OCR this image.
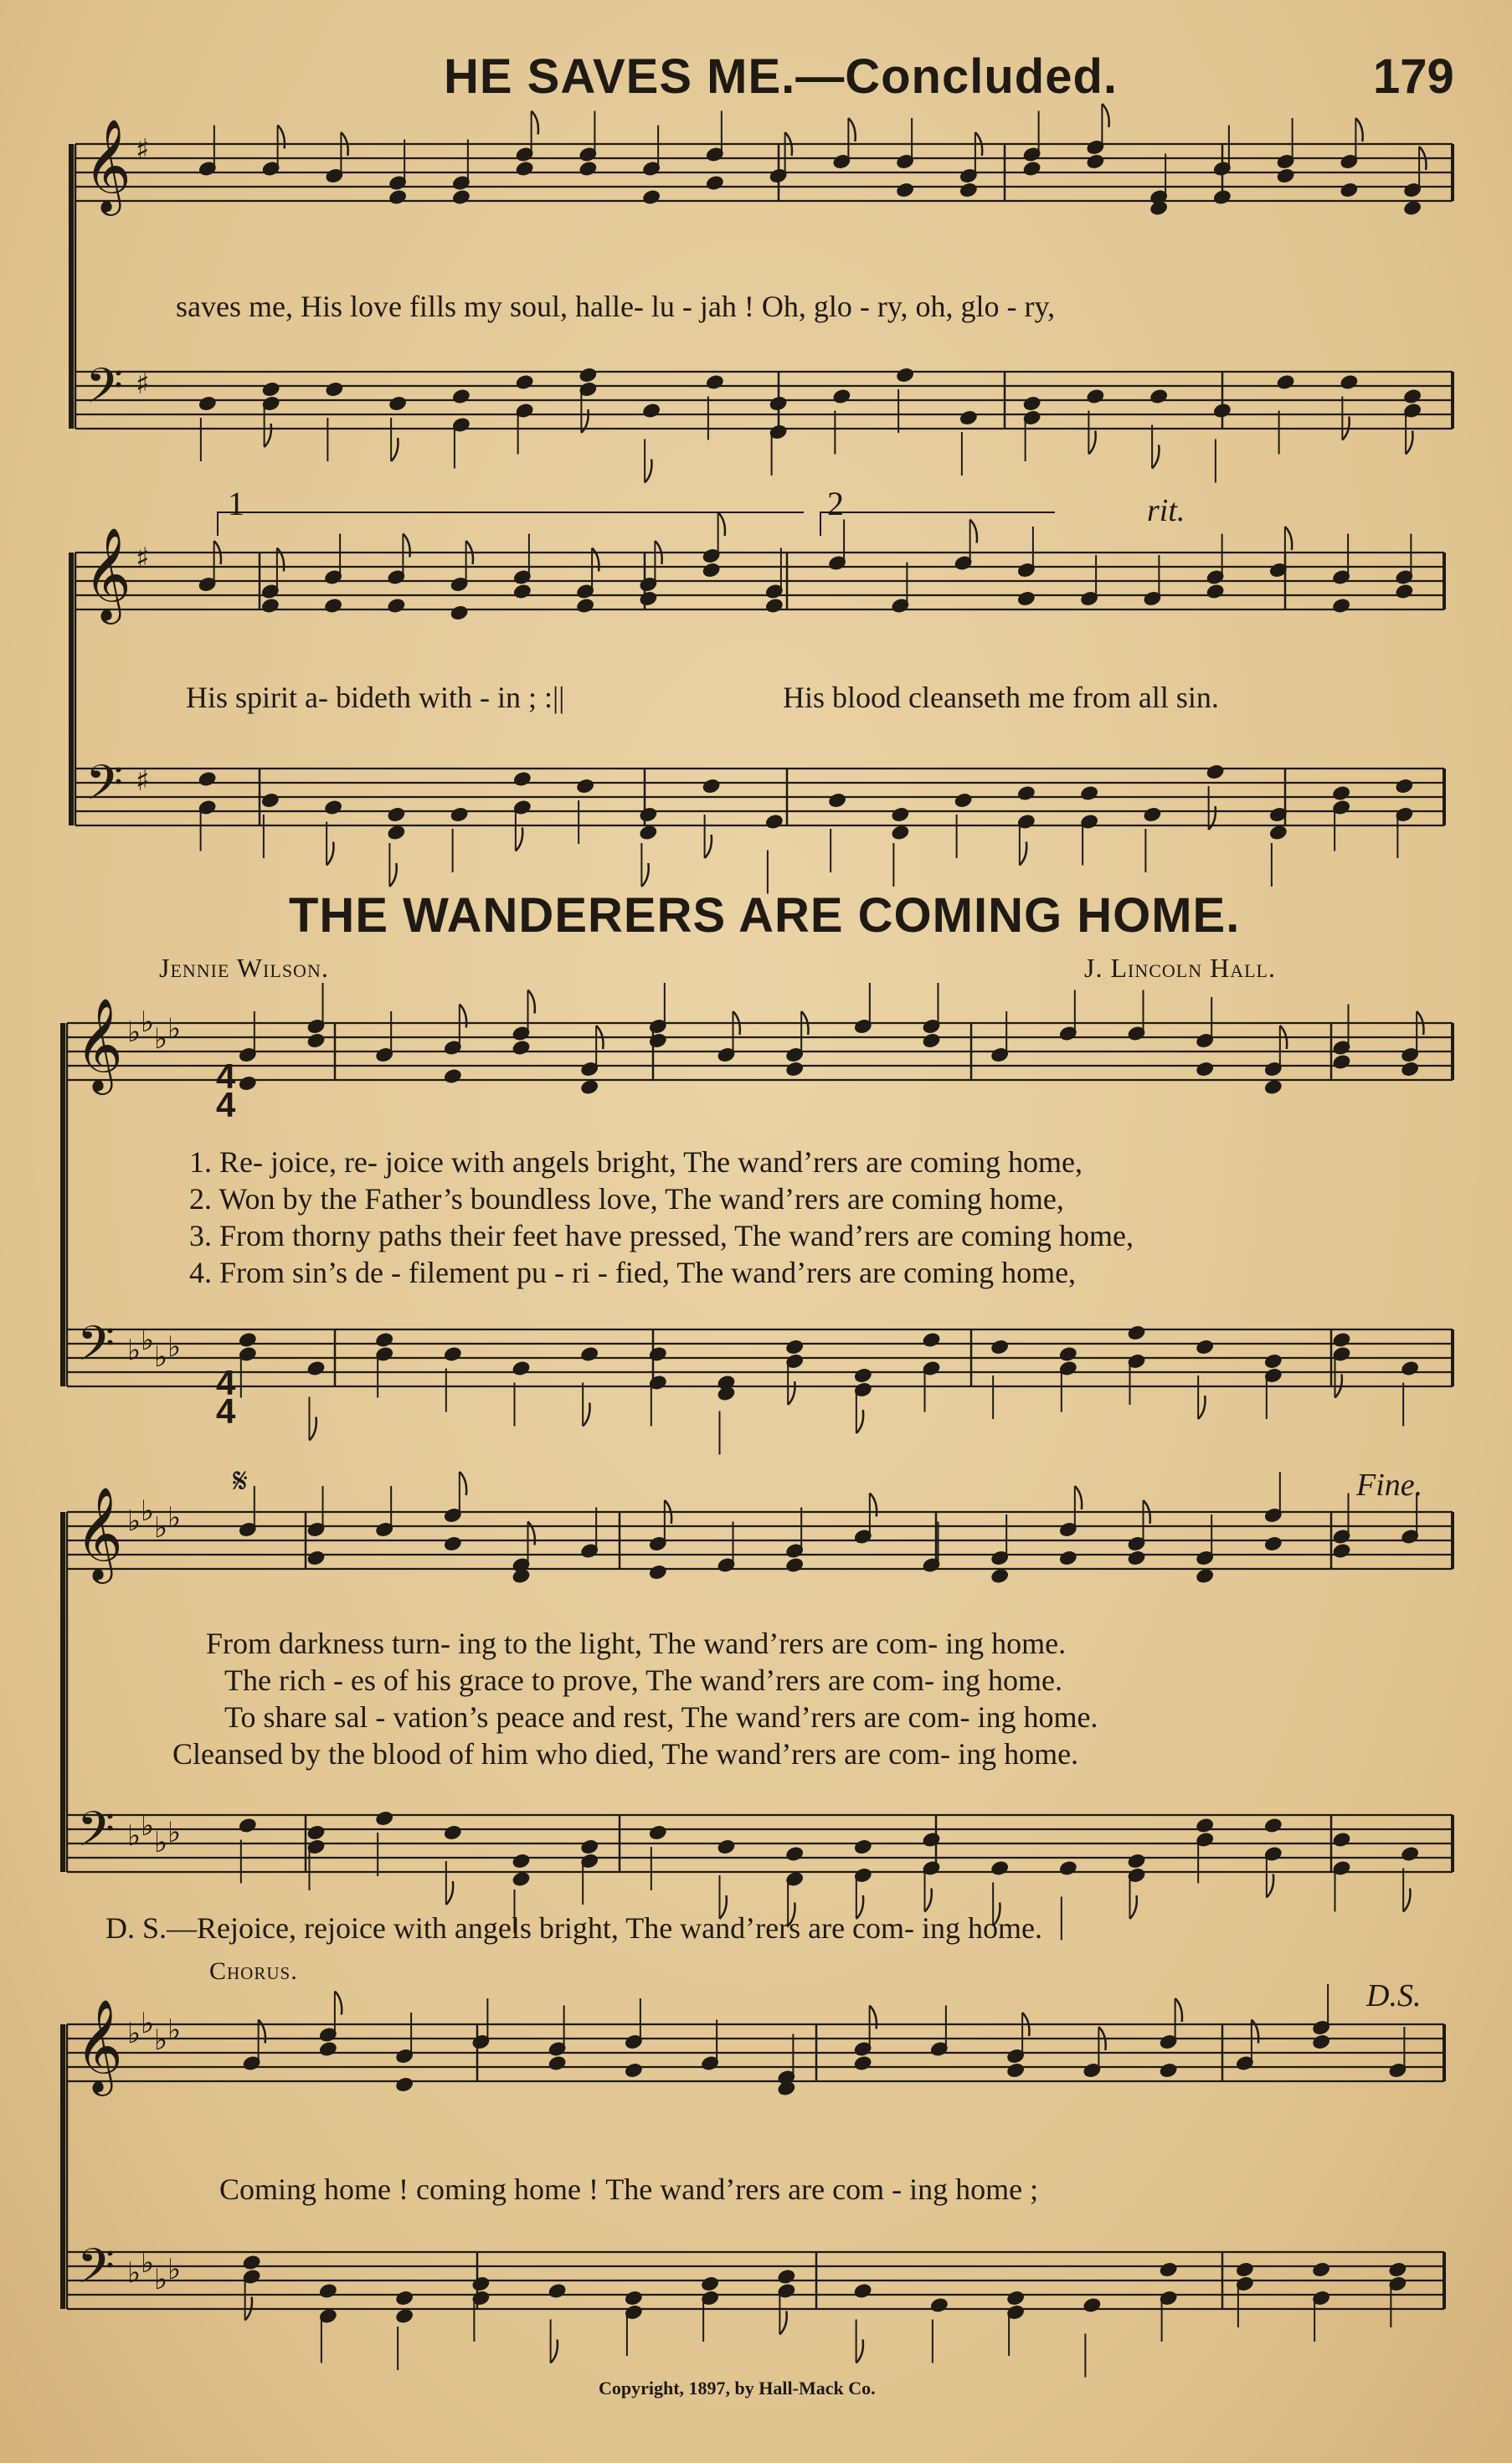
𝄞
𝄢
♯
♯
𝄞
𝄢
♯
♯
𝄞
𝄢
♭ ♭ ♭ ♭
♭ ♭ ♭ ♭
𝄞
𝄢
♭ ♭ ♭ ♭
♭ ♭ ♭ ♭
𝄞
𝄢
♭ ♭ ♭ ♭
♭ ♭ ♭ ♭
HE SAVES ME.—Concluded.	179
saves me, His love fills my soul, halle- lu - jah ! Oh, glo - ry, oh, glo - ry,
1	2	rit.
His spirit a- bideth with - in ; :||	His blood cleanseth me from all sin.
THE WANDERERS ARE COMING HOME.
Jennie Wilson.	J. Lincoln Hall.
1. Re- joice, re- joice with angels bright, The wand’rers are coming home,
2. Won by the Father’s boundless love, The wand’rers are coming home,
3. From thorny paths their feet have pressed, The wand’rers are coming home,
4. From sin’s de - filement pu - ri - fied, The wand’rers are coming home,
𝄋	Fine.
From darkness turn- ing to the light, The wand’rers are com- ing home.
The rich - es of his grace to prove, The wand’rers are com- ing home.
To share sal - vation’s peace and rest, The wand’rers are com- ing home.
Cleansed by the blood of him who died, The wand’rers are com- ing home.
D. S.—Rejoice, rejoice with angels bright, The wand’rers are com- ing home.
Chorus.
D.S.
Coming home ! coming home ! The wand’rers are com - ing home ;
Copyright, 1897, by Hall-Mack Co.
4
4
4
4
